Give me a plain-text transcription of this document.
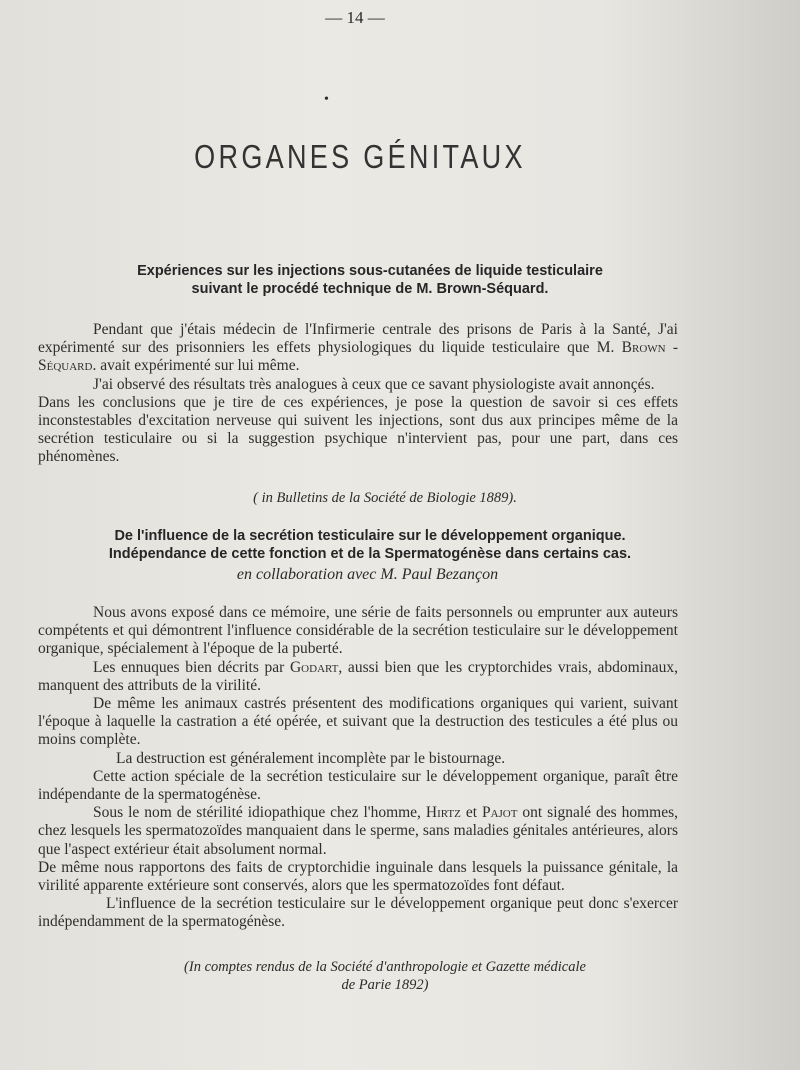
— 14 —
•
ORGANES GÉNITAUX
Expériences sur les injections sous-cutanées de liquide testiculaire
suivant le procédé technique de M. Brown-Séquard.

Pendant que j'étais médecin de l'Infirmerie centrale des prisons de Paris à la Santé, J'ai expérimenté sur des prisonniers les effets physiologiques du liquide testiculaire que M. Brown - Séquard. avait expérimenté sur lui même.

J'ai observé des résultats très analogues à ceux que ce savant physiologiste avait annonçés.

Dans les conclusions que je tire de ces expériences, je pose la question de savoir si ces effets inconstestables d'excitation nerveuse qui suivent les injections, sont dus aux principes même de la secrétion testiculaire ou si la suggestion psychique n'intervient pas, pour une part, dans ces phénomènes.

( in Bulletins de la Société de Biologie 1889).
De l'influence de la secrétion testiculaire sur le développement organique.
Indépendance de cette fonction et de la Spermatogénèse dans certains cas.
en collaboration avec M. Paul Bezançon

Nous avons exposé dans ce mémoire, une série de faits personnels ou emprunter aux auteurs compétents et qui démontrent l'influence considérable de la secrétion testiculaire sur le développement organique, spécialement à l'époque de la puberté.

Les ennuques bien décrits par Godart, aussi bien que les cryptorchides vrais, abdominaux, manquent des attributs de la virilité.

De même les animaux castrés présentent des modifications organiques qui varient, suivant l'époque à laquelle la castration a été opérée, et suivant que la destruction des testicules a été plus ou moins complète.

La destruction est généralement incomplète par le bistournage.

Cette action spéciale de la secrétion testiculaire sur le développement organique, paraît être indépendante de la spermatogénèse.

Sous le nom de stérilité idiopathique chez l'homme, Hirtz et Pajot ont signalé des hommes, chez lesquels les spermatozoïdes manquaient dans le sperme, sans maladies génitales antérieures, alors que l'aspect extérieur était absolument normal.

De même nous rapportons des faits de cryptorchidie inguinale dans lesquels la puissance génitale, la virilité apparente extérieure sont conservés, alors que les spermatozoïdes font défaut.

L'influence de la secrétion testiculaire sur le développement organique peut donc s'exercer indépendamment de la spermatogénèse.

(In comptes rendus de la Société d'anthropologie et Gazette médicale
de Parie 1892)
